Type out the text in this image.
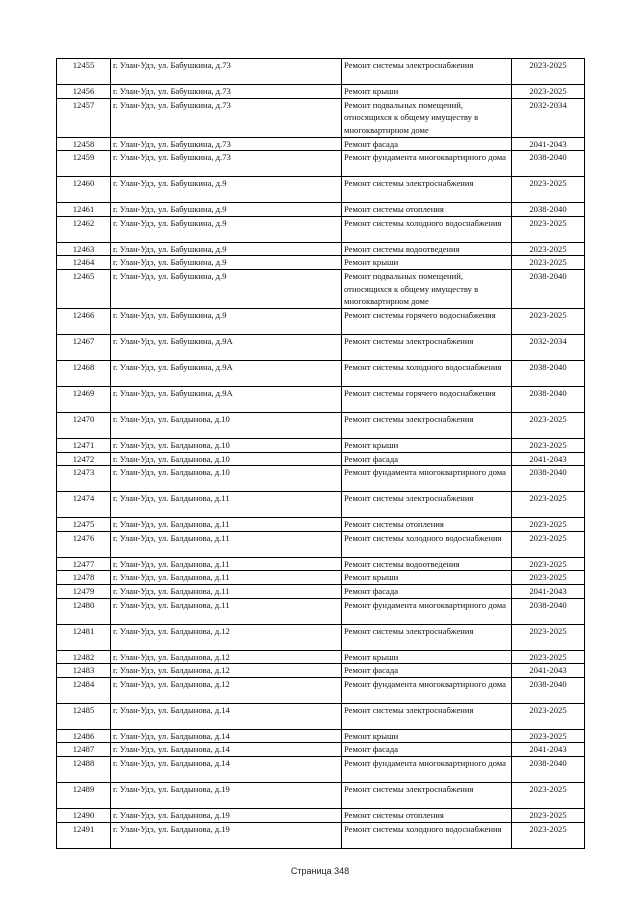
12455	г. Улан-Удэ, ул. Бабушкина, д.73	Ремонт системы электроснабжения	2023-2025
12456	г. Улан-Удэ, ул. Бабушкина, д.73	Ремонт крыши	2023-2025
12457	г. Улан-Удэ, ул. Бабушкина, д.73	Ремонт подвальных помещений, относящихся к общему имуществу в многоквартирном доме	2032-2034
12458	г. Улан-Удэ, ул. Бабушкина, д.73	Ремонт фасада	2041-2043
12459	г. Улан-Удэ, ул. Бабушкина, д.73	Ремонт фундамента многоквартирного дома	2038-2040
12460	г. Улан-Удэ, ул. Бабушкина, д.9	Ремонт системы электроснабжения	2023-2025
12461	г. Улан-Удэ, ул. Бабушкина, д.9	Ремонт системы отопления	2038-2040
12462	г. Улан-Удэ, ул. Бабушкина, д.9	Ремонт системы холодного водоснабжения	2023-2025
12463	г. Улан-Удэ, ул. Бабушкина, д.9	Ремонт системы водоотведения	2023-2025
12464	г. Улан-Удэ, ул. Бабушкина, д.9	Ремонт крыши	2023-2025
12465	г. Улан-Удэ, ул. Бабушкина, д.9	Ремонт подвальных помещений, относящихся к общему имуществу в многоквартирном доме	2038-2040
12466	г. Улан-Удэ, ул. Бабушкина, д.9	Ремонт системы горячего водоснабжения	2023-2025
12467	г. Улан-Удэ, ул. Бабушкина, д.9А	Ремонт системы электроснабжения	2032-2034
12468	г. Улан-Удэ, ул. Бабушкина, д.9А	Ремонт системы холодного водоснабжения	2038-2040
12469	г. Улан-Удэ, ул. Бабушкина, д.9А	Ремонт системы горячего водоснабжения	2038-2040
12470	г. Улан-Удэ, ул. Балдынова, д.10	Ремонт системы электроснабжения	2023-2025
12471	г. Улан-Удэ, ул. Балдынова, д.10	Ремонт крыши	2023-2025
12472	г. Улан-Удэ, ул. Балдынова, д.10	Ремонт фасада	2041-2043
12473	г. Улан-Удэ, ул. Балдынова, д.10	Ремонт фундамента многоквартирного дома	2038-2040
12474	г. Улан-Удэ, ул. Балдынова, д.11	Ремонт системы электроснабжения	2023-2025
12475	г. Улан-Удэ, ул. Балдынова, д.11	Ремонт системы отопления	2023-2025
12476	г. Улан-Удэ, ул. Балдынова, д.11	Ремонт системы холодного водоснабжения	2023-2025
12477	г. Улан-Удэ, ул. Балдынова, д.11	Ремонт системы водоотведения	2023-2025
12478	г. Улан-Удэ, ул. Балдынова, д.11	Ремонт крыши	2023-2025
12479	г. Улан-Удэ, ул. Балдынова, д.11	Ремонт фасада	2041-2043
12480	г. Улан-Удэ, ул. Балдынова, д.11	Ремонт фундамента многоквартирного дома	2038-2040
12481	г. Улан-Удэ, ул. Балдынова, д.12	Ремонт системы электроснабжения	2023-2025
12482	г. Улан-Удэ, ул. Балдынова, д.12	Ремонт крыши	2023-2025
12483	г. Улан-Удэ, ул. Балдынова, д.12	Ремонт фасада	2041-2043
12484	г. Улан-Удэ, ул. Балдынова, д.12	Ремонт фундамента многоквартирного дома	2038-2040
12485	г. Улан-Удэ, ул. Балдынова, д.14	Ремонт системы электроснабжения	2023-2025
12486	г. Улан-Удэ, ул. Балдынова, д.14	Ремонт крыши	2023-2025
12487	г. Улан-Удэ, ул. Балдынова, д.14	Ремонт фасада	2041-2043
12488	г. Улан-Удэ, ул. Балдынова, д.14	Ремонт фундамента многоквартирного дома	2038-2040
12489	г. Улан-Удэ, ул. Балдынова, д.19	Ремонт системы электроснабжения	2023-2025
12490	г. Улан-Удэ, ул. Балдынова, д.19	Ремонт системы отопления	2023-2025
12491	г. Улан-Удэ, ул. Балдынова, д.19	Ремонт системы холодного водоснабжения	2023-2025
Страница 348
